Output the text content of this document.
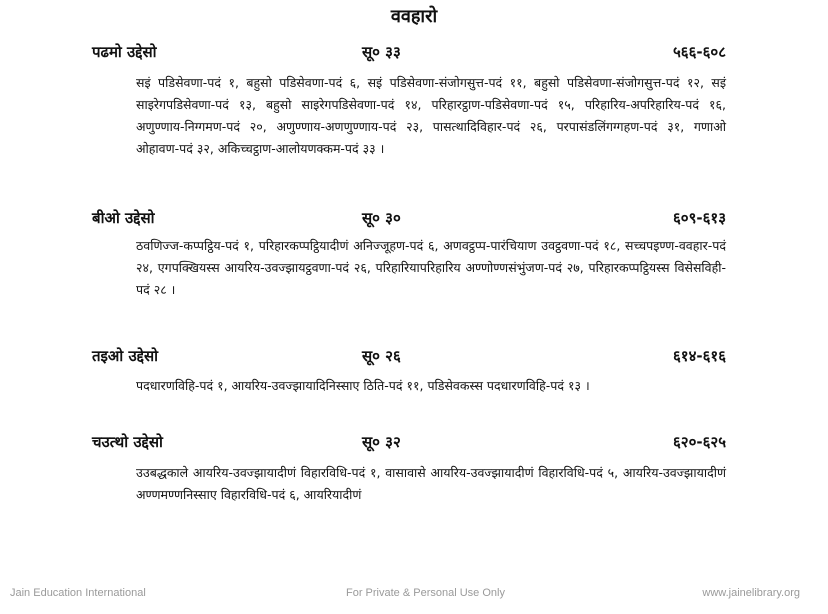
ववहारो
पढमो उद्देसो	सू० ३३	५६६-६०८
सइं पडिसेवणा-पदं १, बहुसो पडिसेवणा-पदं ६, सइं पडिसेवणा-संजोगसुत्त-पदं ११, बहुसो पडिसेवणा-संजोगसुत्त-पदं १२, सइं साइरेगपडिसेवणा-पदं १३, बहुसो साइरेगपडिसेवणा-पदं १४, परिहारट्ठाण-पडिसेवणा-पदं १५, परिहारिय-अपरिहारिय-पदं १६, अणुण्णाय-निग्गमण-पदं २०, अणुण्णाय-अणणुण्णाय-पदं २३, पासत्थादिविहार-पदं २६, परपासंडलिंगग्गहण-पदं ३१, गणाओ ओहावण-पदं ३२, अकिच्चट्ठाण-आलोयणक्कम-पदं ३३ ।
बीओ उद्देसो	सू० ३०	६०९-६१३
ठवणिज्ज-कप्पट्ठिय-पदं १, परिहारकप्पट्ठियादीणं अनिज्जूहण-पदं ६, अणवट्ठप्प-पारंचियाण उवट्ठवणा-पदं १८, सच्चपइण्ण-ववहार-पदं २४, एगपक्खियस्स आयरिय-उवज्झायट्ठवणा-पदं २६, परिहारियापरिहारिय अण्णोण्णसंभुंजण-पदं २७, परिहारकप्पट्ठियस्स विसेसविही-पदं २८ ।
तइओ उद्देसो	सू० २६	६१४-६१६
पदधारणविहि-पदं १, आयरिय-उवज्झायादिनिस्साए ठिति-पदं ११, पडिसेवकस्स पदधारणविहि-पदं १३ ।
चउत्थो उद्देसो	सू० ३२	६२०-६२५
उउबद्धकाले आयरिय-उवज्झायादीणं विहारविधि-पदं १, वासावासे आयरिय-उवज्झायादीणं विहारविधि-पदं ५, आयरिय-उवज्झायादीणं अण्णमण्णनिस्साए विहारविधि-पदं ६, आयरियादीणं
Jain Education International	For Private & Personal Use Only	www.jainelibrary.org
